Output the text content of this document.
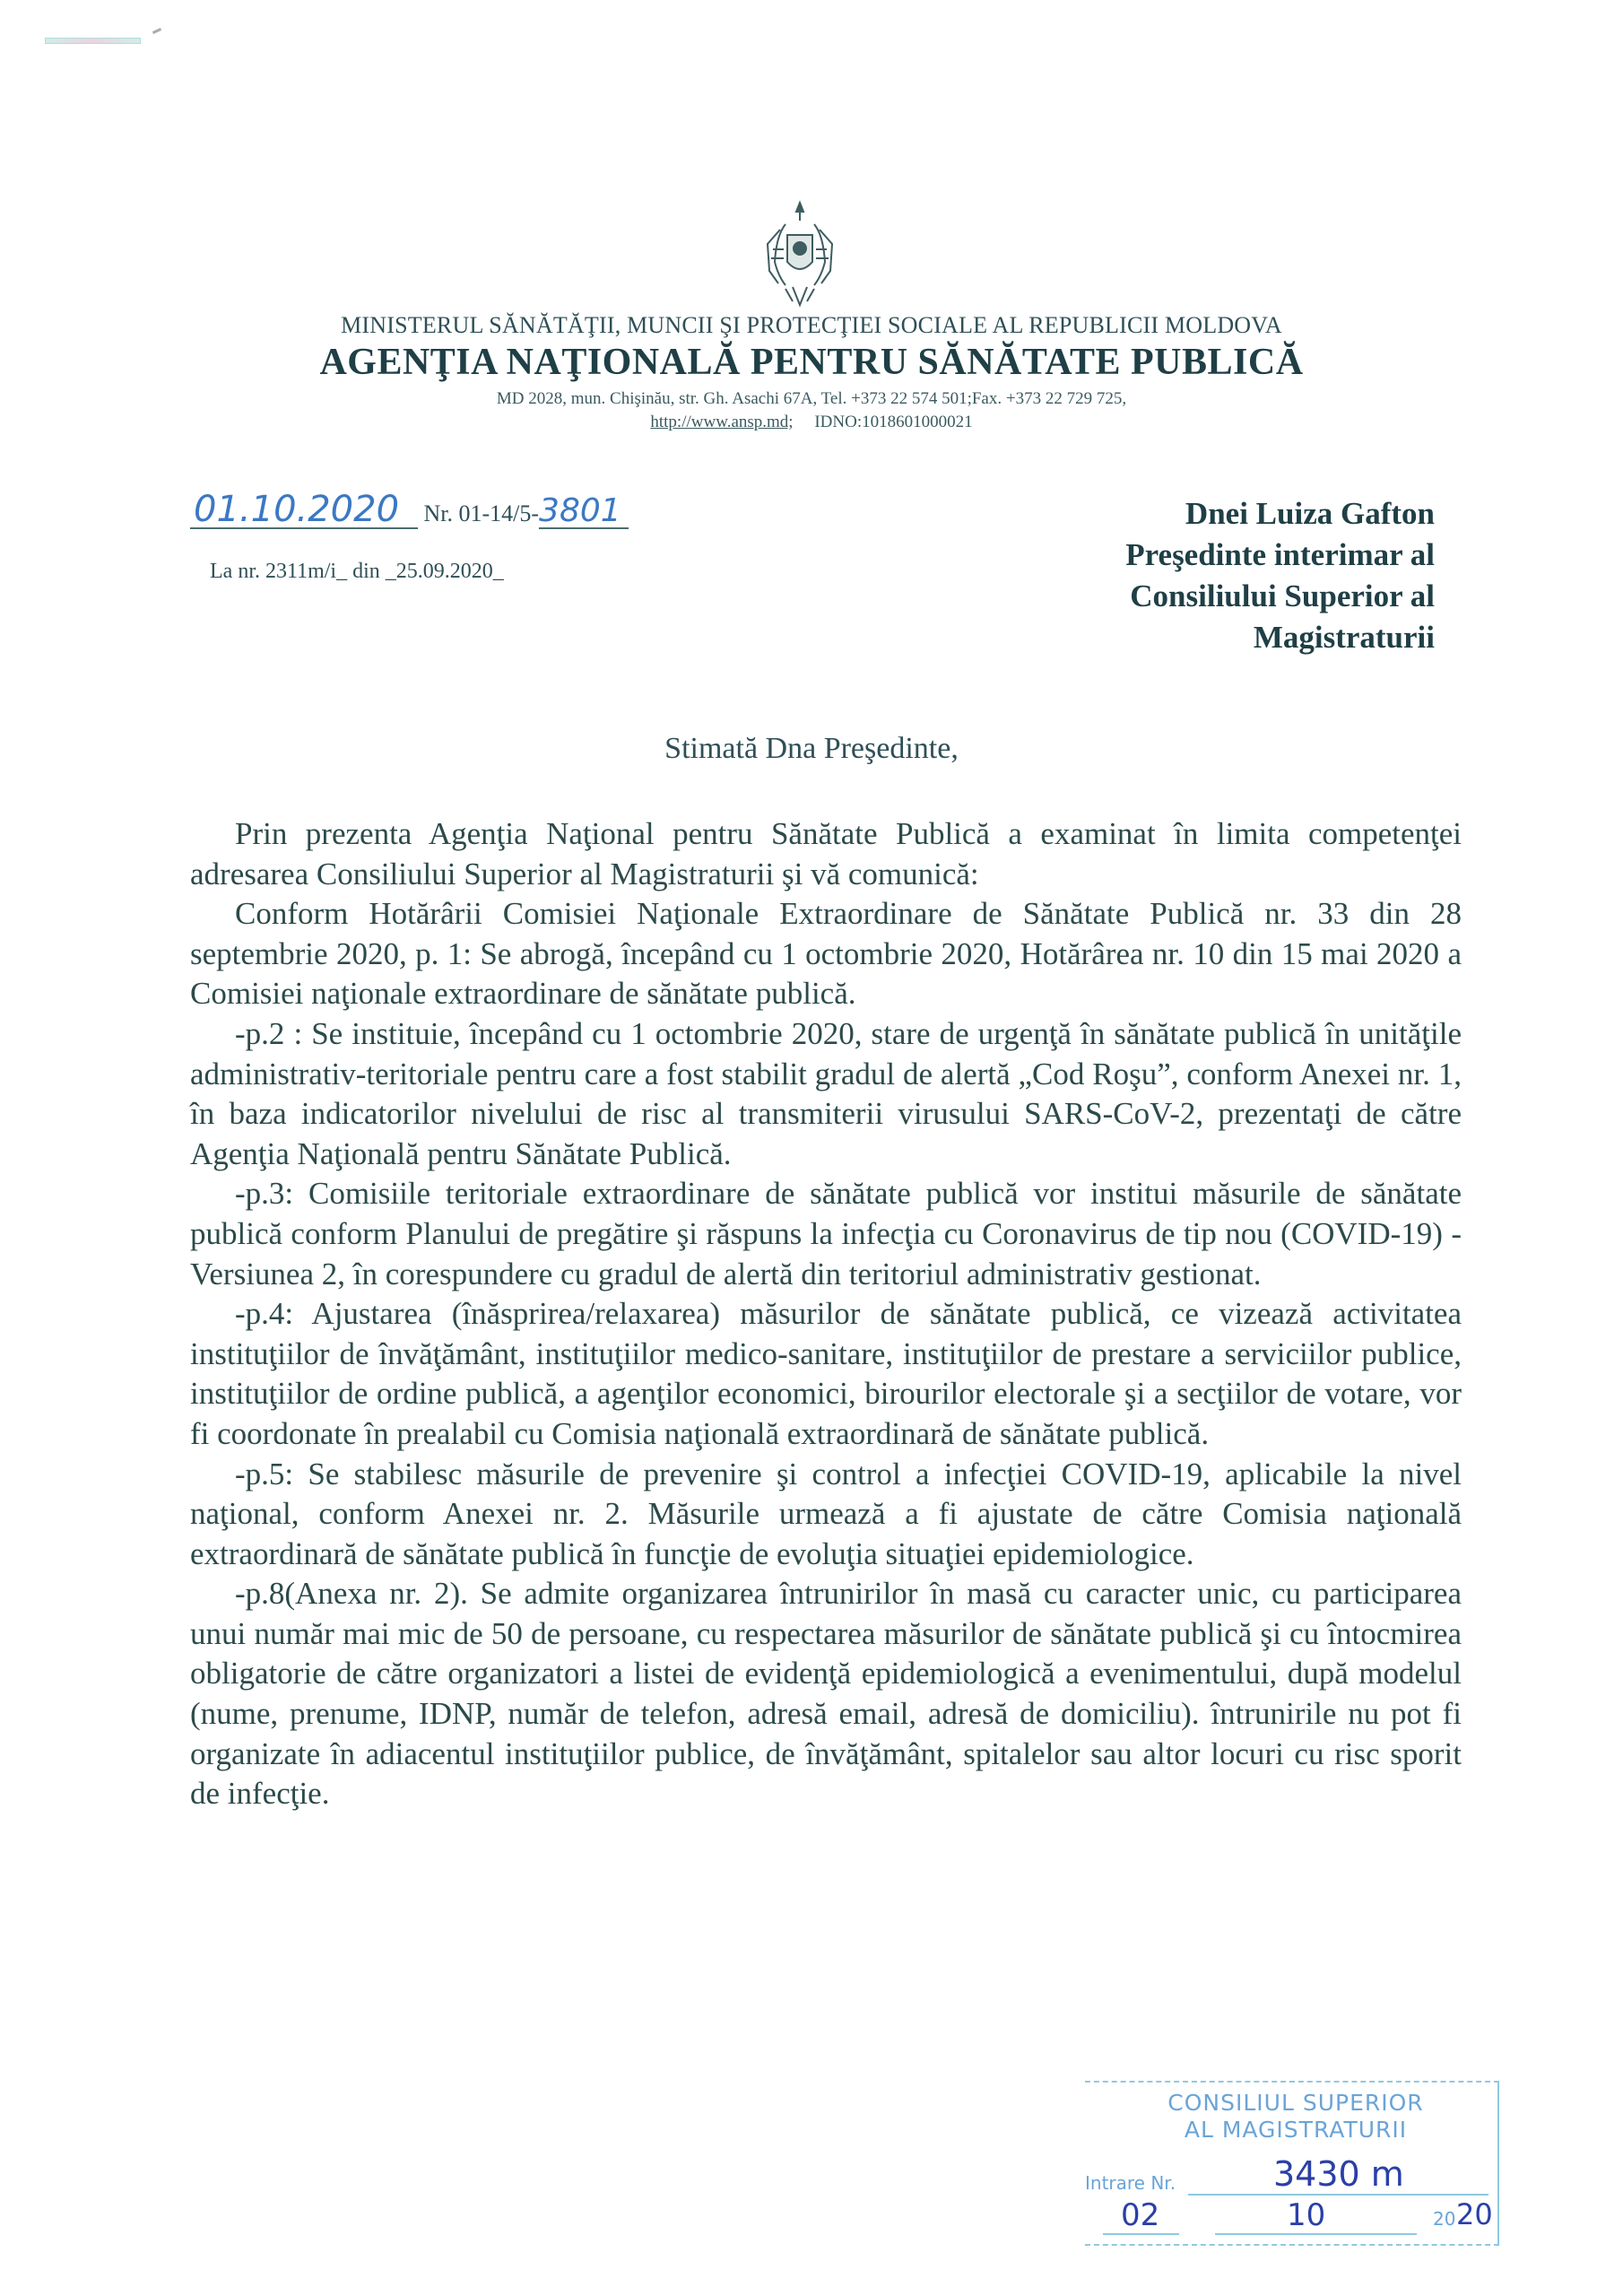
MINISTERUL SĂNĂTĂŢII, MUNCII ŞI PROTECŢIEI SOCIALE AL REPUBLICII MOLDOVA
AGENŢIA NAŢIONALĂ PENTRU SĂNĂTATE PUBLICĂ
MD 2028, mun. Chişinău, str. Gh. Asachi 67A, Tel. +373 22 574 501;Fax. +373 22 729 725,
http://www.ansp.md; IDNO:1018601000021
01.10.2020 Nr. 01-14/5-3801
La nr. 2311m/i_ din _25.09.2020_
Dnei Luiza Gafton
Preşedinte interimar al
Consiliului Superior al
Magistraturii
Stimată Dna Preşedinte,

Prin prezenta Agenţia Naţional pentru Sănătate Publică a examinat în limita competenţei adresarea Consiliului Superior al Magistraturii şi vă comunică:

Conform Hotărârii Comisiei Naţionale Extraordinare de Sănătate Publică nr. 33 din 28 septembrie 2020, p. 1: Se abrogă, începând cu 1 octombrie 2020, Hotărârea nr. 10 din 15 mai 2020 a Comisiei naţionale extraordinare de sănătate publică.

-p.2 : Se instituie, începând cu 1 octombrie 2020, stare de urgenţă în sănătate publică în unităţile administrativ-teritoriale pentru care a fost stabilit gradul de alertă „Cod Roşu”, conform Anexei nr. 1, în baza indicatorilor nivelului de risc al transmiterii virusului SARS-CoV-2, prezentaţi de către Agenţia Naţională pentru Sănătate Publică.

-p.3: Comisiile teritoriale extraordinare de sănătate publică vor institui măsurile de sănătate publică conform Planului de pregătire şi răspuns la infecţia cu Coronavirus de tip nou (COVID-19) - Versiunea 2, în corespundere cu gradul de alertă din teritoriul administrativ gestionat.

-p.4: Ajustarea (înăsprirea/relaxarea) măsurilor de sănătate publică, ce vizează activitatea instituţiilor de învăţământ, instituţiilor medico-sanitare, instituţiilor de prestare a serviciilor publice, instituţiilor de ordine publică, a agenţilor economici, birourilor electorale şi a secţiilor de votare, vor fi coordonate în prealabil cu Comisia naţională extraordinară de sănătate publică.

-p.5: Se stabilesc măsurile de prevenire şi control a infecţiei COVID-19, aplicabile la nivel naţional, conform Anexei nr. 2. Măsurile urmează a fi ajustate de către Comisia naţională extraordinară de sănătate publică în funcţie de evoluţia situaţiei epidemiologice.

-p.8(Anexa nr. 2). Se admite organizarea întrunirilor în masă cu caracter unic, cu participarea unui număr mai mic de 50 de persoane, cu respectarea măsurilor de sănătate publică şi cu întocmirea obligatorie de către organizatori a listei de evidenţă epidemiologică a evenimentului, după modelul (nume, prenume, IDNP, număr de telefon, adresă email, adresă de domiciliu). întrunirile nu pot fi organizate în adiacentul instituţiilor publice, de învăţământ, spitalelor sau altor locuri cu risc sporit de infecţie.

CONSILIUL SUPERIOR
AL MAGISTRATURII
Intrare Nr.	3430 m
02	10	20 20
